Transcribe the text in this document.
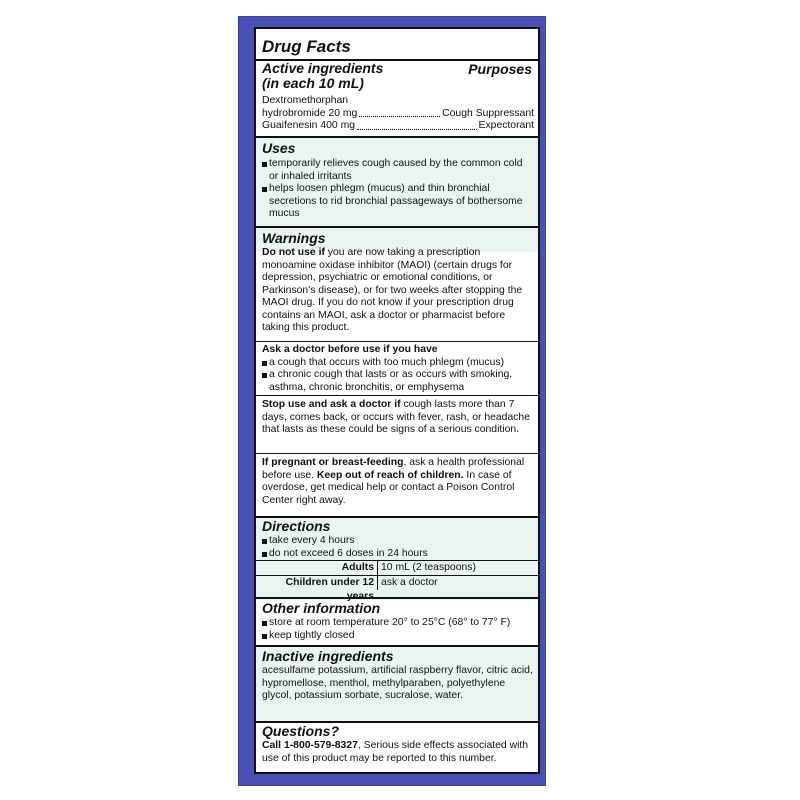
Drug Facts
Active ingredients
(in each 10 mL)
Purposes
Dextromethorphan
hydrobromide 20 mg	Cough Suppressant
Guaifenesin 400 mg	Expectorant
Uses
temporarily relieves cough caused by the common cold or inhaled irritants
helps loosen phlegm (mucus) and thin bronchial secretions to rid bronchial passageways of bothersome mucus
Warnings
Do not use if you are now taking a prescription monoamine oxidase inhibitor (MAOI) (certain drugs for depression, psychiatric or emotional conditions, or Parkinson's disease), or for two weeks after stopping the MAOI drug. If you do not know if your prescription drug contains an MAOI, ask a doctor or pharmacist before taking this product.
Ask a doctor before use if you have
a cough that occurs with too much phlegm (mucus)
a chronic cough that lasts or as occurs with smoking, asthma, chronic bronchitis, or emphysema
Stop use and ask a doctor if cough lasts more than 7 days, comes back, or occurs with fever, rash, or headache that lasts as these could be signs of a serious condition.
If pregnant or breast-feeding, ask a health professional before use. Keep out of reach of children. In case of overdose, get medical help or contact a Poison Control Center right away.
Directions
take every 4 hours
do not exceed 6 doses in 24 hours
Adults 10 mL (2 teaspoons)
Children under 12 ask a doctor
Other information
store at room temperature 20° to 25°C (68° to 77° F)
keep tightly closed
Inactive ingredients
acesulfame potassium, artificial raspberry flavor, citric acid, hypromellose, menthol, methylparaben, polyethylene glycol, potassium sorbate, sucralose, water.
Questions?
Call 1-800-579-8327, Serious side effects associated with use of this product may be reported to this number.
